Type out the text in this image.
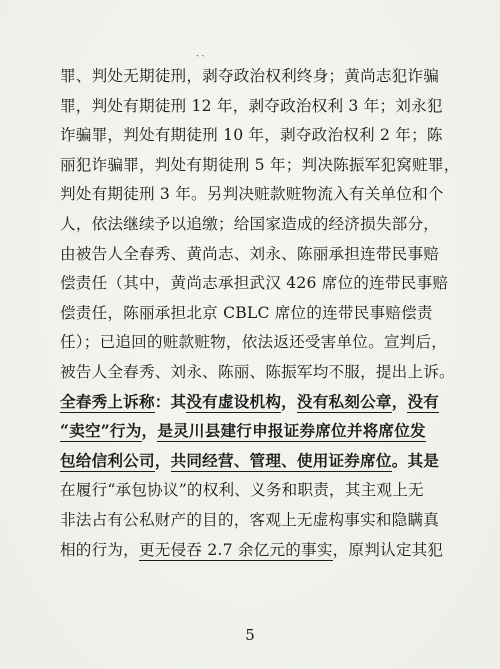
ˎˎ
罪、判处无期徒刑，剥夺政治权利终身；黄尚志犯诈骗
罪，判处有期徒刑 12 年，剥夺政治权利 3 年；刘永犯
诈骗罪，判处有期徒刑 10 年，剥夺政治权利 2 年；陈
丽犯诈骗罪，判处有期徒刑 5 年；判决陈振军犯窝赃罪，
判处有期徒刑 3 年。另判决赃款赃物流入有关单位和个
人，依法继续予以追缴；给国家造成的经济损失部分，
由被告人全春秀、黄尚志、刘永、陈丽承担连带民事赔
偿责任（其中，黄尚志承担武汉 426 席位的连带民事赔
偿责任，陈丽承担北京 CBLC 席位的连带民事赔偿责
任）；已追回的赃款赃物，依法返还受害单位。宣判后，
被告人全春秀、刘永、陈丽、陈振军均不服，提出上诉。
全春秀上诉称：其没有虚设机构，没有私刻公章，没有
“卖空”行为，是灵川县建行申报证券席位并将席位发
包给信利公司，共同经营、管理、使用证券席位。其是
在履行“承包协议”的权利、义务和职责，其主观上无
非法占有公私财产的目的，客观上无虚构事实和隐瞒真
相的行为，更无侵吞 2.7 余亿元的事实，原判认定其犯
5
